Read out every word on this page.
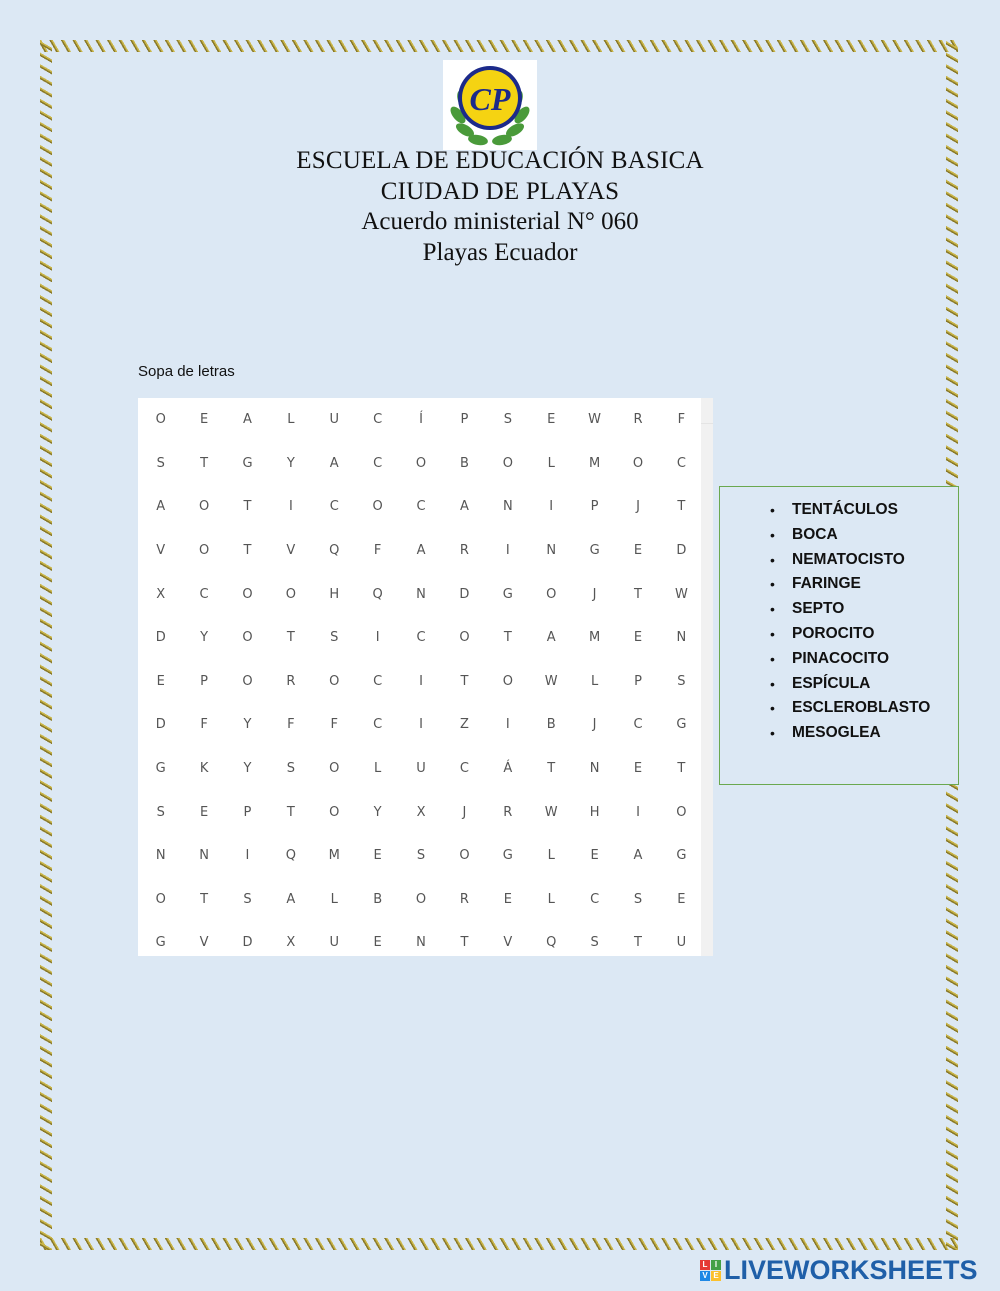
CP
ESCUELA DE EDUCACIÓN BASICA
CIUDAD DE PLAYAS
Acuerdo ministerial N° 060
Playas Ecuador
Sopa de letras
O	E	A	L	U	C	Í	P	S	E	W	R	F
S	T	G	Y	A	C	O	B	O	L	M	O	C
A	O	T	I	C	O	C	A	N	I	P	J	T
V	O	T	V	Q	F	A	R	I	N	G	E	D
X	C	O	O	H	Q	N	D	G	O	J	T	W
D	Y	O	T	S	I	C	O	T	A	M	E	N
E	P	O	R	O	C	I	T	O	W	L	P	S
D	F	Y	F	F	C	I	Z	I	B	J	C	G
G	K	Y	S	O	L	U	C	Á	T	N	E	T
S	E	P	T	O	Y	X	J	R	W	H	I	O
N	N	I	Q	M	E	S	O	G	L	E	A	G
O	T	S	A	L	B	O	R	E	L	C	S	E
G	V	D	X	U	E	N	T	V	Q	S	T	U
• TENTÁCULOS
• BOCA
• NEMATOCISTO
• FARINGE
• SEPTO
• POROCITO
• PINACOCITO
• ESPÍCULA
• ESCLEROBLASTO
• MESOGLEA
L I
V E LIVEWORKSHEETS
